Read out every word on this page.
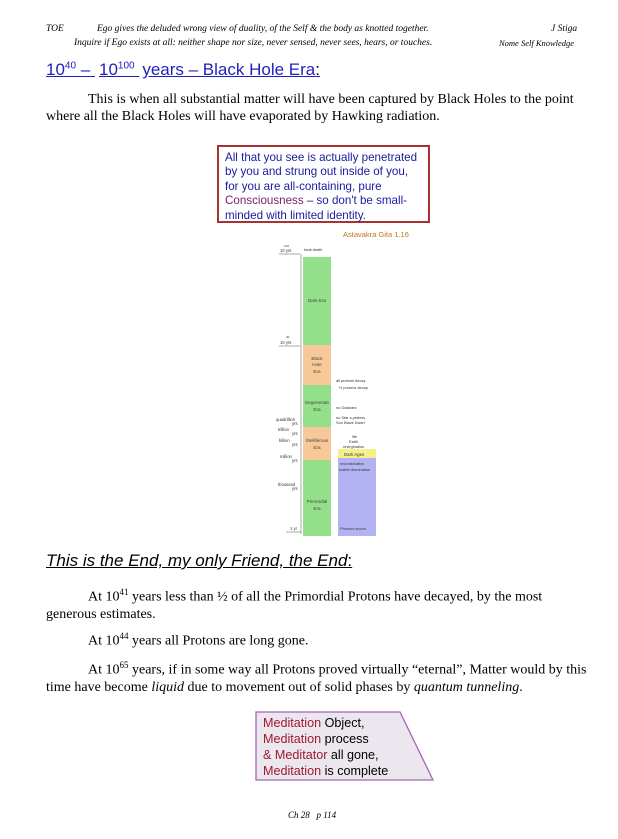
TOE	Ego gives the deluded wrong view of duality, of the Self & the body as knotted together.	J Stiga
Inquire if Ego exists at all: neither shape nor size, never sensed, never sees, hears, or touches.	Nome Self Knowledge
$10^{40} - 10^{100}$ years – Black Hole Era:
This is when all substantial matter will have been captured by Black Holes to the point where all the Black Holes will have evaporated by Hawking radiation.
All that you see is actually penetrated by you and strung out inside of you, for you are all-containing, pure Consciousness – so don't be small-minded with limited identity.
Astavakra Gita 1.16
100
10 yrs
40
10 yrs
quadrillion
yrs
trillion
yrs
billion
yrs
million
yrs
thousand
yrs
1 yr
Dark Era
Black
Hole
Era
Degenerate
Era
Stelliferous
Era
Primordial
Era
heat death
all protons decay
½ protons decay
no Galaxies
no Star s-ystems
Sun Black Dwarf
life
Earth
revirgination
Dark Ages
recombination
matter domination
Photons epoch
This is the End, my only Friend, the End:
At $10^{41}$ years less than ½ of all the Primordial Protons have decayed, by the most generous estimates.
At $10^{44}$ years all Protons are long gone.
At $10^{65}$ years, if in some way all Protons proved virtually “eternal”, Matter would by this time have become liquid due to movement out of solid phases by quantum tunneling.
Meditation Object,
Meditation process
& Meditator all gone,
Meditation is complete
Ch 28 p 114
